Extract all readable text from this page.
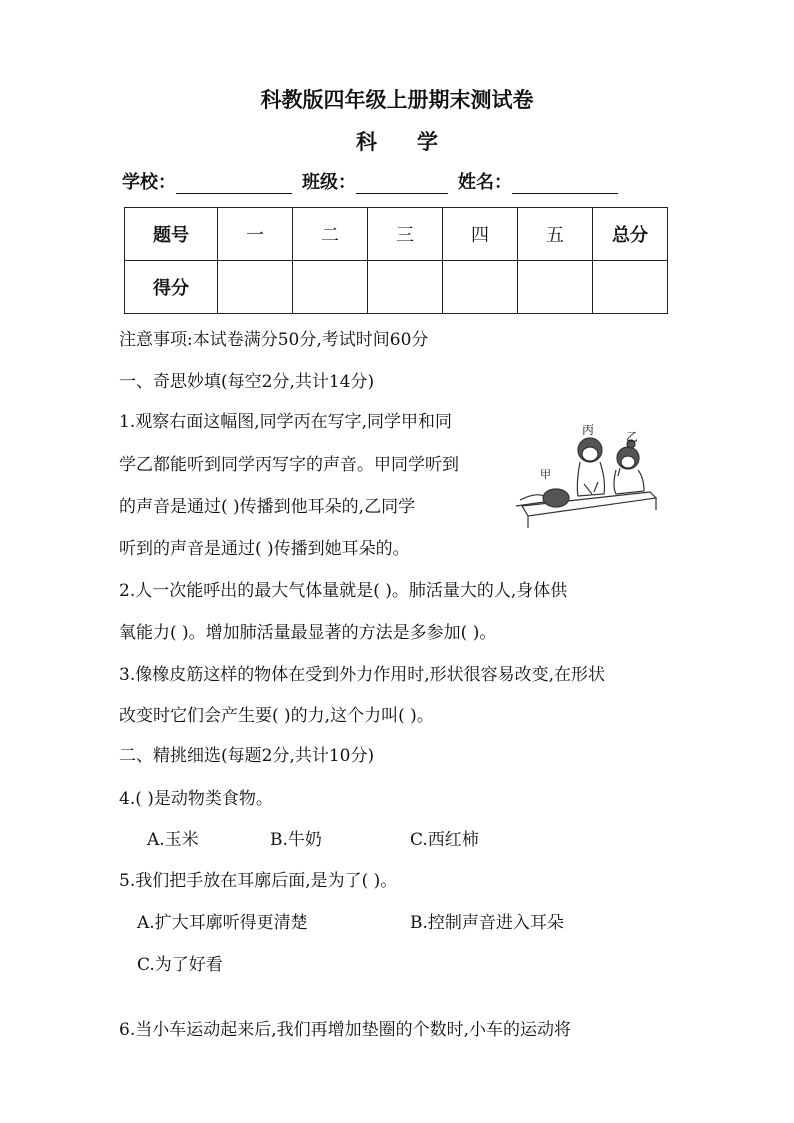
科教版四年级上册期末测试卷
科学
学校：	班级：	姓名：
题号	一	二	三	四	五	总分
得分						
注意事项:本试卷满分50分,考试时间60分
一、奇思妙填(每空2分,共计14分)
1.观察右面这幅图,同学丙在写字,同学甲和同
学乙都能听到同学丙写字的声音。甲同学听到
的声音是通过( )传播到他耳朵的,乙同学
听到的声音是通过( )传播到她耳朵的。
丙	乙
甲
2.人一次能呼出的最大气体量就是( )。肺活量大的人,身体供
氧能力( )。增加肺活量最显著的方法是多参加( )。
3.像橡皮筋这样的物体在受到外力作用时,形状很容易改变,在形状
改变时它们会产生要( )的力,这个力叫( )。
二、精挑细选(每题2分,共计10分)
4.( )是动物类食物。
A.玉米	B.牛奶	C.西红柿
5.我们把手放在耳廓后面,是为了( )。
A.扩大耳廓听得更清楚	B.控制声音进入耳朵
C.为了好看
6.当小车运动起来后,我们再增加垫圈的个数时,小车的运动将
